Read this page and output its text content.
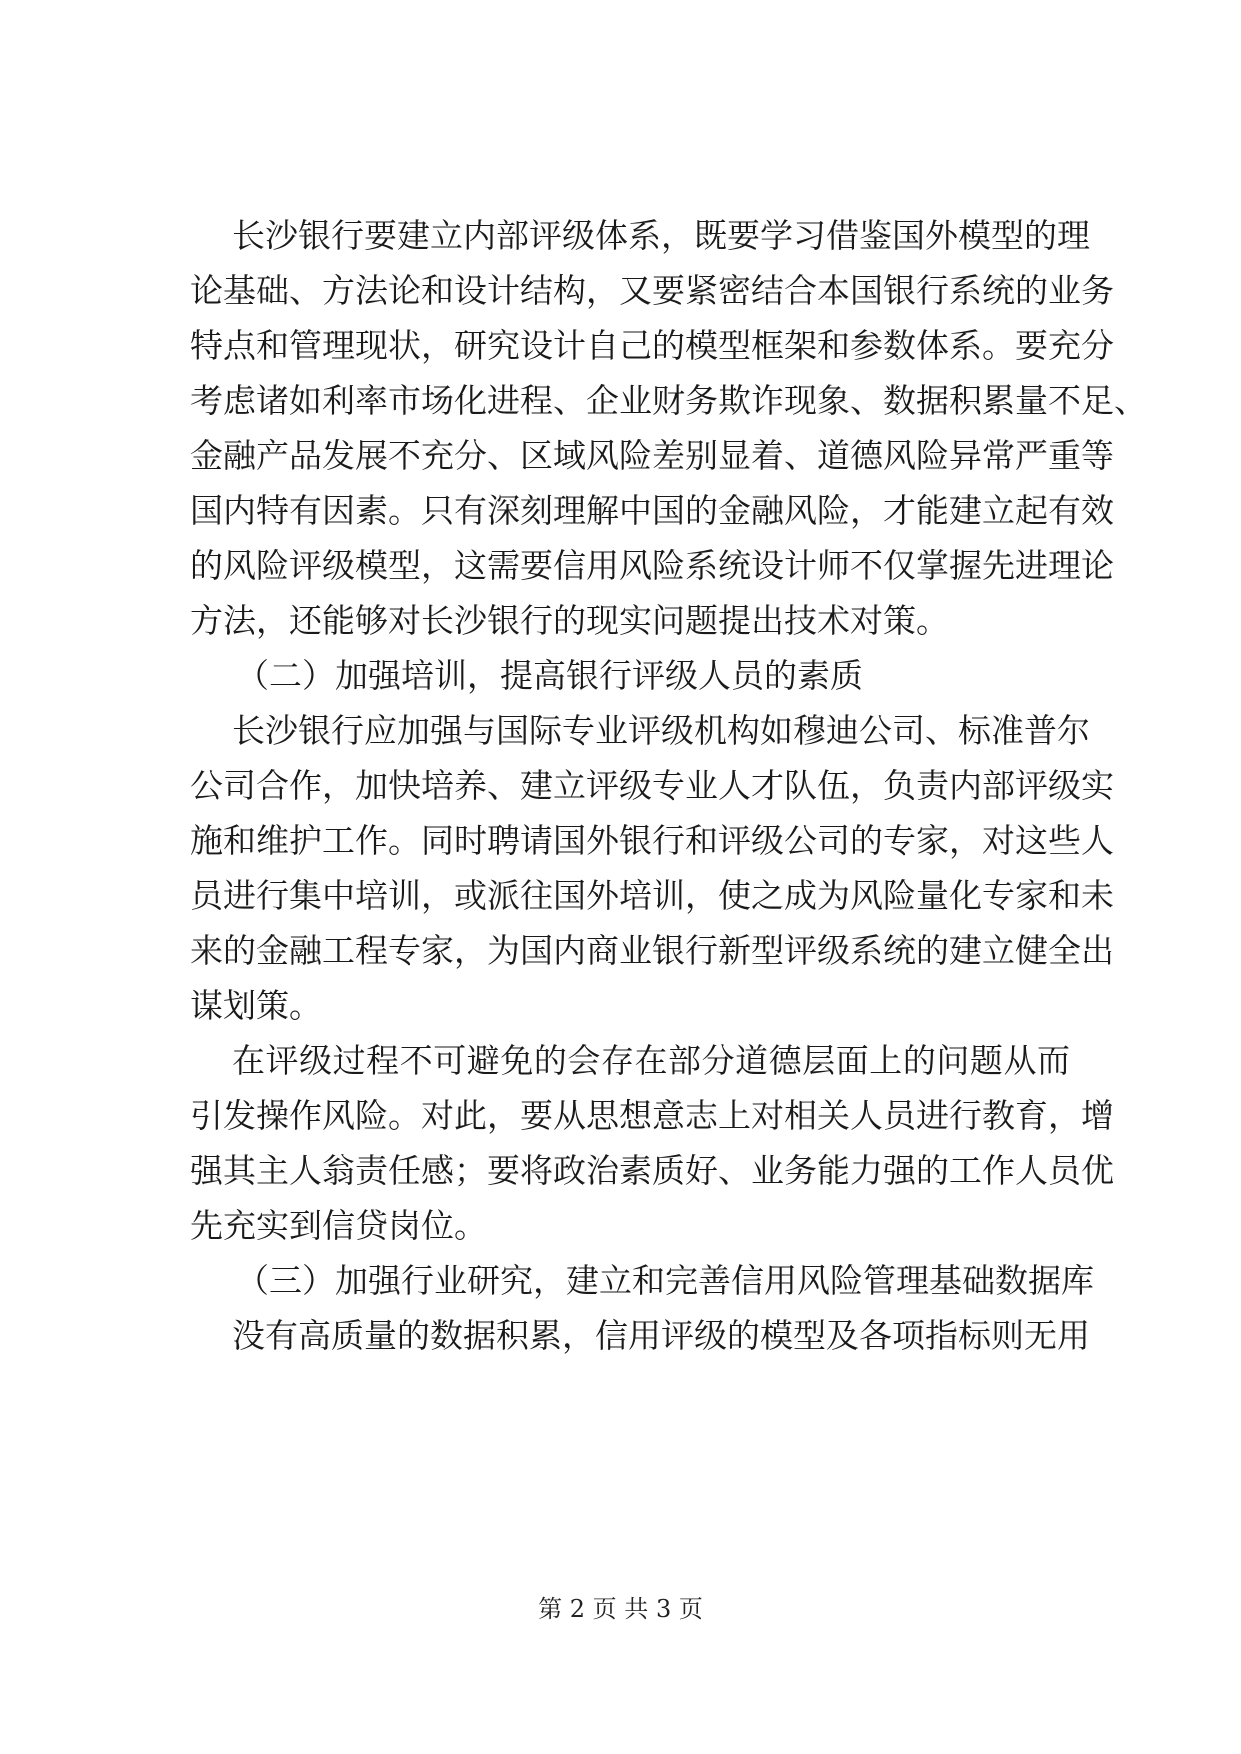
长沙银行要建立内部评级体系，既要学习借鉴国外模型的理
论基础、方法论和设计结构，又要紧密结合本国银行系统的业务
特点和管理现状，研究设计自己的模型框架和参数体系。要充分
考虑诸如利率市场化进程、企业财务欺诈现象、数据积累量不足、
金融产品发展不充分、区域风险差别显着、道德风险异常严重等
国内特有因素。只有深刻理解中国的金融风险，才能建立起有效
的风险评级模型，这需要信用风险系统设计师不仅掌握先进理论
方法，还能够对长沙银行的现实问题提出技术对策。
（二）加强培训，提高银行评级人员的素质
长沙银行应加强与国际专业评级机构如穆迪公司、标准普尔
公司合作，加快培养、建立评级专业人才队伍，负责内部评级实
施和维护工作。同时聘请国外银行和评级公司的专家，对这些人
员进行集中培训，或派往国外培训，使之成为风险量化专家和未
来的金融工程专家，为国内商业银行新型评级系统的建立健全出
谋划策。
在评级过程不可避免的会存在部分道德层面上的问题从而
引发操作风险。对此，要从思想意志上对相关人员进行教育，增
强其主人翁责任感；要将政治素质好、业务能力强的工作人员优
先充实到信贷岗位。
（三）加强行业研究，建立和完善信用风险管理基础数据库
没有高质量的数据积累，信用评级的模型及各项指标则无用
第 2 页 共 3 页
